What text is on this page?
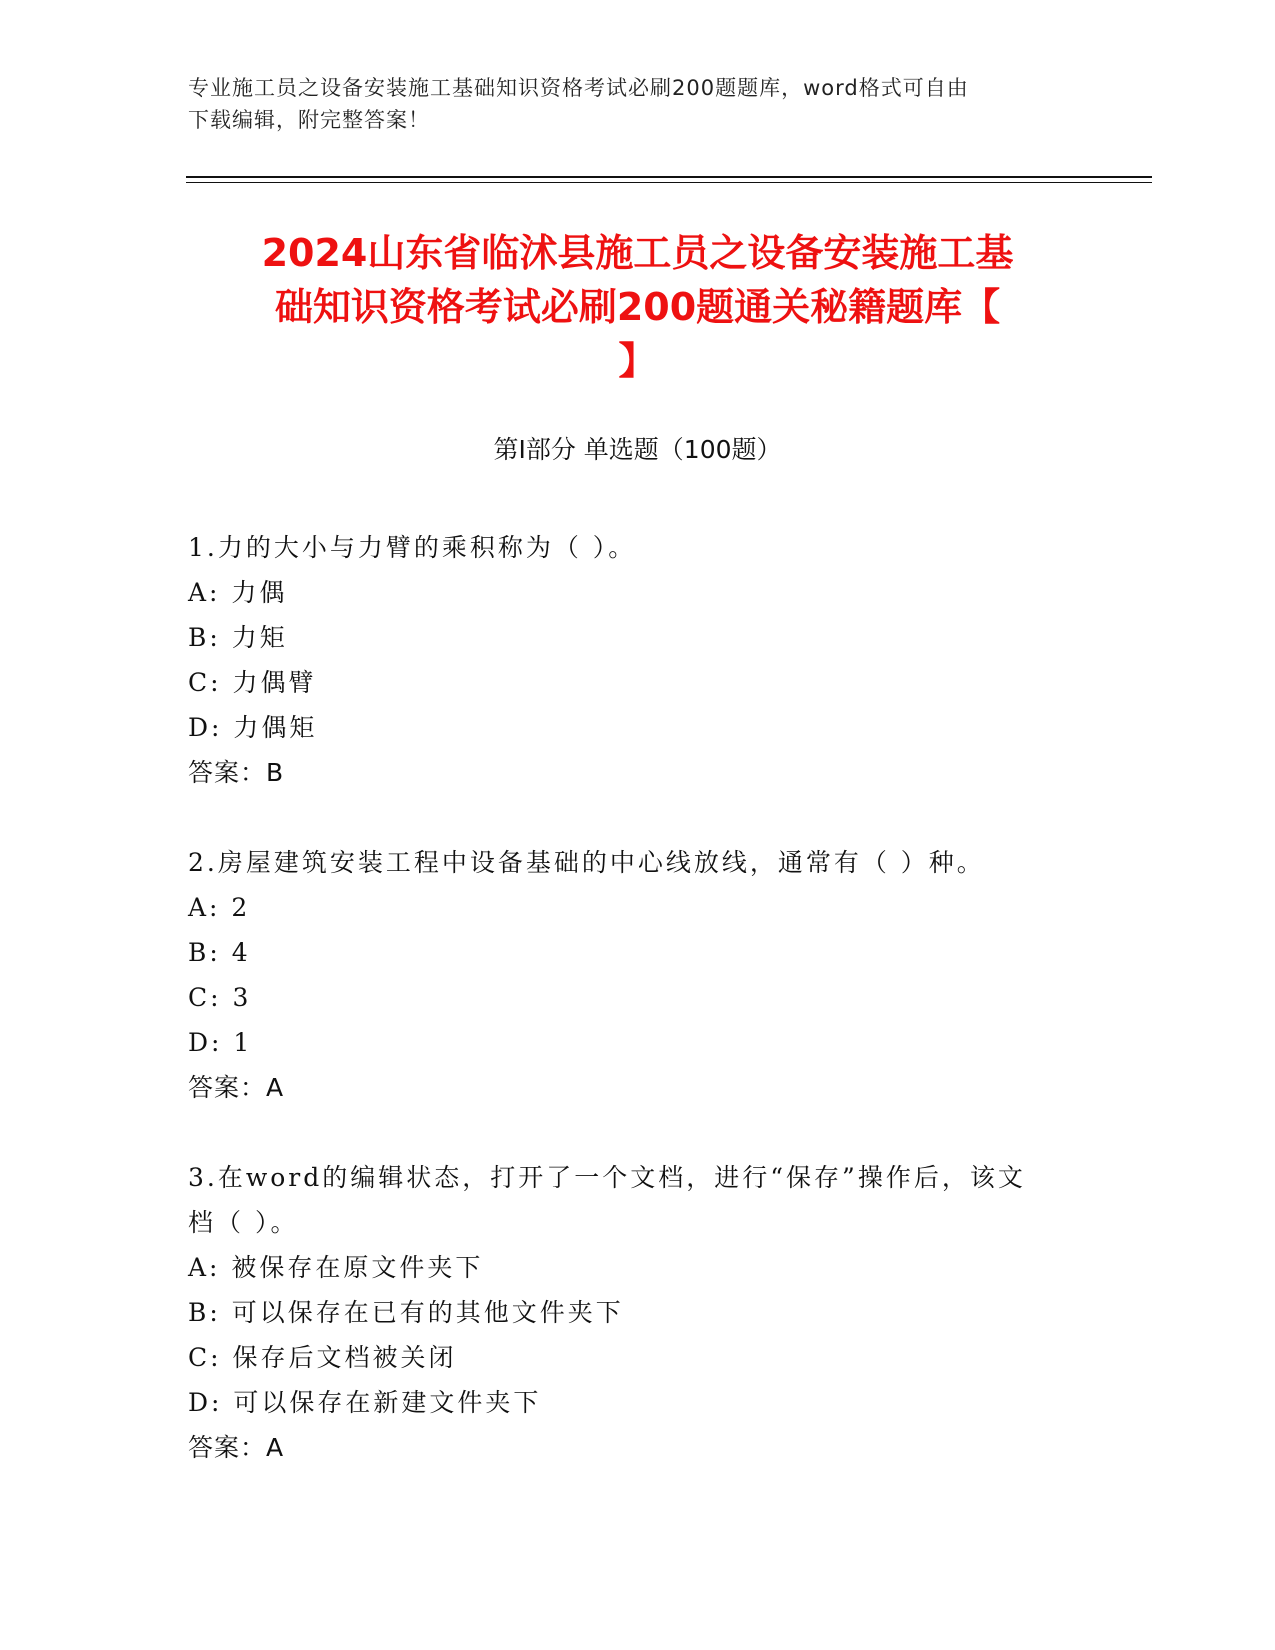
专业施工员之设备安装施工基础知识资格考试必刷200题题库，word格式可自由
下载编辑，附完整答案！
2024山东省临沭县施工员之设备安装施工基
础知识资格考试必刷200题通关秘籍题库【
】
第I部分 单选题（100题）
1.力的大小与力臂的乘积称为（ ）。
A: 力偶
B: 力矩
C: 力偶臂
D: 力偶矩
答案：B
2.房屋建筑安装工程中设备基础的中心线放线，通常有（ ）种。
A: 2
B: 4
C: 3
D: 1
答案：A
3.在word的编辑状态，打开了一个文档，进行“保存”操作后，该文
档（ ）。
A: 被保存在原文件夹下
B: 可以保存在已有的其他文件夹下
C: 保存后文档被关闭
D: 可以保存在新建文件夹下
答案：A
